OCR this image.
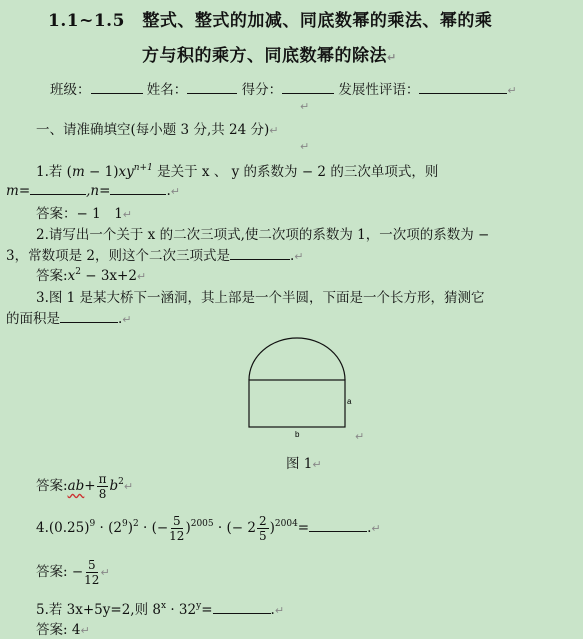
1.1~1.5　整式、整式的加减、同底数幂的乘法、幂的乘
方与积的乘方、同底数幂的除法↵
班级：	姓名：	得分：	发展性评语：	↵
↵
一、请准确填空(每小题 3 分,共 24 分)↵
↵
1.若 $(m - 1)xy^{n+1}$ 是关于 x 、 y 的系数为 − 2 的三次单项式，则
m=	,n=	.↵
答案：− 1　1↵
2.请写出一个关于 x 的二次三项式,使二次项的系数为 1，一次项的系数为 −
3，常数项是 2，则这个二次三项式是	.↵
答案$:x^2$ − 3x+2↵
3.图 1 是某大桥下一涵洞，其上部是一个半圆，下面是一个长方形，猜测它
的面积是	.↵
a
b	↵
图 1↵
答案:ab+ $\frac{\pi}{8}$ $b^2↵$
$4.(0.25)^9 \cdot (2^9)^2$ · (− $\frac{5}{12} )^{2005}$ · (− $2 \frac{2}{5} )^{2004}=$	.↵
答案: − $\frac{5}{12}$ ↵
5.若 3x+5y=2,则 $8^x \cdot 32^y=$	.↵
答案: 4↵
